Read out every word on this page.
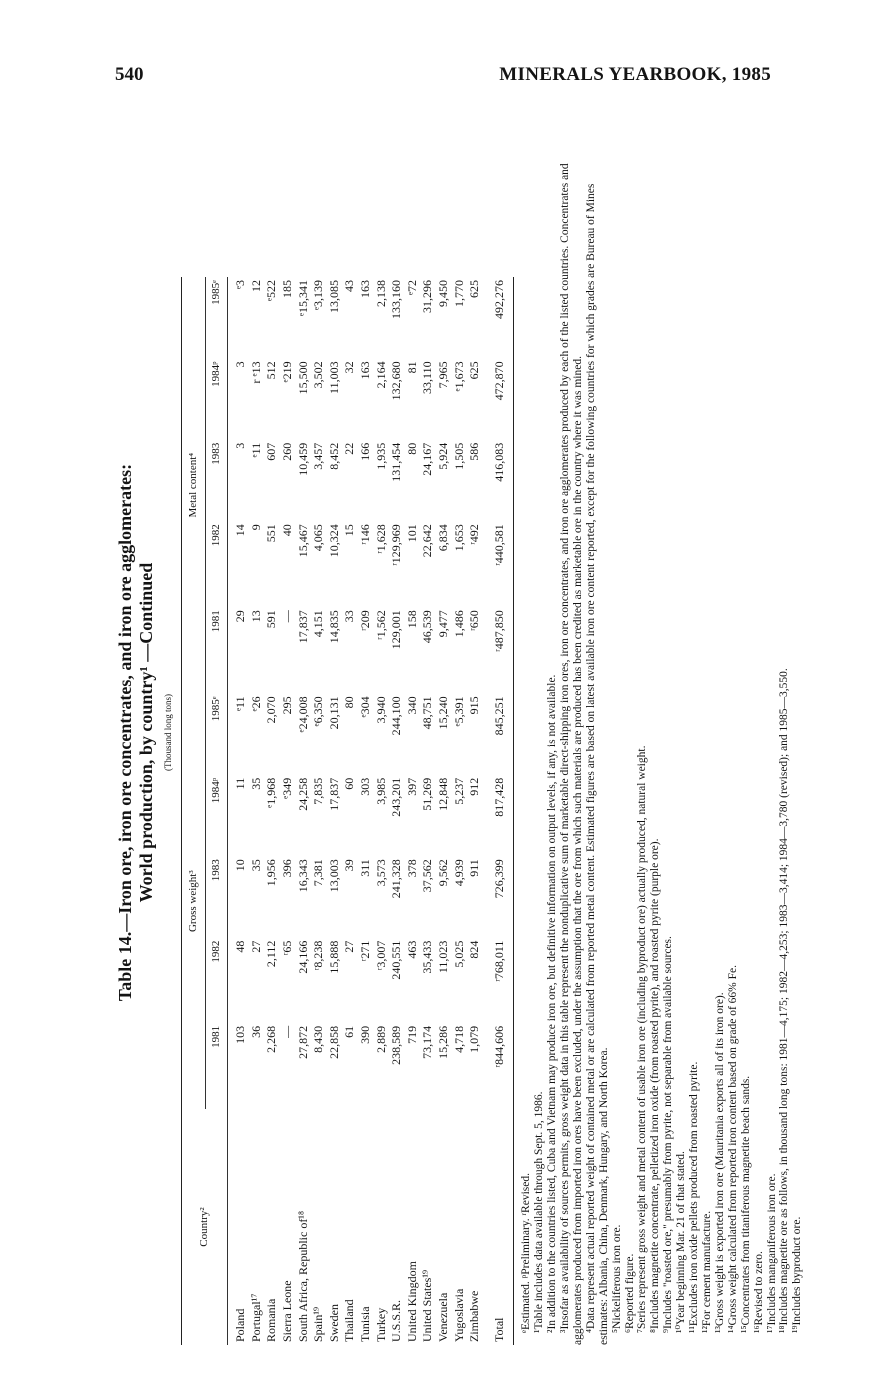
540	MINERALS YEARBOOK, 1985
Table 14.—Iron ore, iron ore concentrates, and iron ore agglomerates: World production, by country¹ —Continued (Thousand long tons)
Country²	Gross weight³					Metal content⁴				
	1981	1982	1983	1984ᵖ	1985ᵉ	1981	1982	1983	1984ᵖ	1985ᵉ
Poland	103	48	10	11	ᵉ11	29	14	3	3	ᵉ3
Portugal¹⁷	36	27	35	35	ᵉ26	13	9	ᵉ11	r ᵉ13	12
Romania	2,268	2,112	1,956	ᵉ1,968	2,070	591	551	607	512	ᵉ522
Sierra Leone	—	ʳ65	396	ᵉ349	295	—	40	260	ᵉ219	185
South Africa, Republic of¹⁸	27,872	24,166	16,343	24,258	ᵉ24,008	17,837	15,467	10,459	15,500	ᵉ15,341
Spain¹⁹	8,430	ʳ8,238	7,381	7,835	ᵉ6,350	4,151	4,065	3,457	3,502	ᵉ3,139
Sweden	22,858	15,888	13,003	17,837	20,131	14,835	10,324	8,452	11,003	13,085
Thailand	61	27	39	60	80	33	15	22	32	43
Tunisia	390	ʳ271	311	303	ᵉ304	ʳ209	ʳ146	166	163	163
Turkey	2,889	ʳ3,007	3,573	3,985	3,940	ʳ1,562	ʳ1,628	1,935	2,164	2,138
U.S.S.R.	238,589	240,551	241,328	243,201	244,100	129,001	ʳ129,969	131,454	132,680	133,160
United Kingdom	719	463	378	397	340	158	101	80	81	ᵉ72
United States¹⁹	73,174	35,433	37,562	51,269	48,751	46,539	22,642	24,167	33,110	31,296
Venezuela	15,286	11,023	9,562	12,848	15,240	9,477	6,834	5,924	7,965	9,450
Yugoslavia	4,718	5,025	4,939	5,237	ᵉ5,391	1,486	1,653	1,505	ᵉ1,673	1,770
Zimbabwe	1,079	824	911	912	915	ʳ650	ʳ492	586	625	625
Total	ʳ844,606	ʳ768,011	726,399	817,428	845,251	ʳ487,850	ʳ440,581	416,083	472,870	492,276
ᵉEstimated. ᵖPreliminary. ʳRevised. ¹Table includes data available through Sept. 5, 1986. ²In addition to the countries listed, Cuba and Vietnam may produce iron ore, but definitive information on output levels, if any, is not available. ³Insofar as availability of sources permits, gross weight data in this table represent the nonduplicative sum of marketable direct-shipping iron ores, iron ore concentrates, and iron ore agglomerates produced by each of the listed countries. Concentrates and agglomerates produced from imported iron ores have been excluded, under the assumption that the ore from which such materials are produced has been credited as marketable ore in the country where it was mined. ⁴Data represent actual reported weight of contained metal or are calculated from reported metal content. Estimated figures are based on latest available iron ore content reported, except for the following countries for which grades are Bureau of Mines estimates: Albania, China, Denmark, Hungary, and North Korea. ⁵Nickeliferous iron ore. ⁶Reported figure. ⁷Series represent gross weight and metal content of usable iron ore (including byproduct ore) actually produced, natural weight. ⁸Includes magnetite concentrate, pelletized iron oxide (from roasted pyrite), and roasted pyrite (purple ore). ⁹Includes "roasted ore," presumably from pyrite, not separable from available sources. ¹⁰Year beginning Mar. 21 of that stated. ¹¹Excludes iron oxide pellets produced from roasted pyrite. ¹²For cement manufacture. ¹³Gross weight is exported iron ore (Mauritania exports all of its iron ore). ¹⁴Gross weight calculated from reported iron content based on grade of 66% Fe. ¹⁵Concentrates from titaniferous magnetite beach sands. ¹⁶Revised to zero. ¹⁷Includes manganiferous iron ore. ¹⁸Includes magnetite ore as follows, in thousand long tons: 1981—4,175; 1982—4,253; 1983—3,414; 1984—3,780 (revised); and 1985—3,550. ¹⁹Includes byproduct ore.
